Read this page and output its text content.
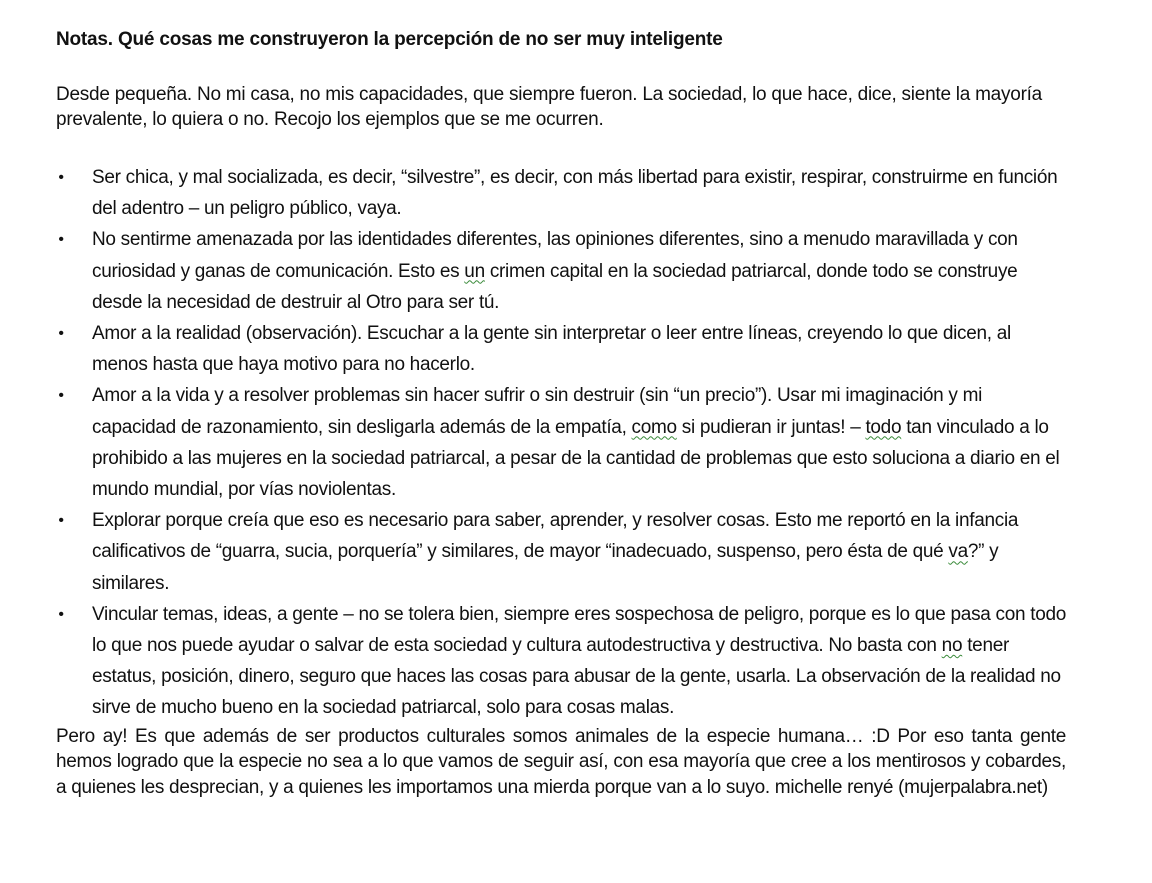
Notas. Qué cosas me construyeron la percepción de no ser muy inteligente

Desde pequeña. No mi casa, no mis capacidades, que siempre fueron. La sociedad, lo que hace, dice, siente la mayoría prevalente, lo quiera o no. Recojo los ejemplos que se me ocurren.

• Ser chica, y mal socializada, es decir, “silvestre”, es decir, con más libertad para existir, respirar, construirme en función del adentro – un peligro público, vaya.
• No sentirme amenazada por las identidades diferentes, las opiniones diferentes, sino a menudo maravillada y con curiosidad y ganas de comunicación. Esto es un crimen capital en la sociedad patriarcal, donde todo se construye desde la necesidad de destruir al Otro para ser tú.
• Amor a la realidad (observación). Escuchar a la gente sin interpretar o leer entre líneas, creyendo lo que dicen, al menos hasta que haya motivo para no hacerlo.
• Amor a la vida y a resolver problemas sin hacer sufrir o sin destruir (sin “un precio”). Usar mi imaginación y mi capacidad de razonamiento, sin desligarla además de la empatía, como si pudieran ir juntas! – todo tan vinculado a lo prohibido a las mujeres en la sociedad patriarcal, a pesar de la cantidad de problemas que esto soluciona a diario en el mundo mundial, por vías noviolentas.
• Explorar porque creía que eso es necesario para saber, aprender, y resolver cosas. Esto me reportó en la infancia calificativos de “guarra, sucia, porquería” y similares, de mayor “inadecuado, suspenso, pero ésta de qué va?” y similares.
• Vincular temas, ideas, a gente – no se tolera bien, siempre eres sospechosa de peligro, porque es lo que pasa con todo lo que nos puede ayudar o salvar de esta sociedad y cultura autodestructiva y destructiva. No basta con no tener estatus, posición, dinero, seguro que haces las cosas para abusar de la gente, usarla. La observación de la realidad no sirve de mucho bueno en la sociedad patriarcal, solo para cosas malas.

Pero ay! Es que además de ser productos culturales somos animales de la especie humana… :D Por eso tanta gente hemos logrado que la especie no sea a lo que vamos de seguir así, con esa mayoría que cree a los mentirosos y cobardes, a quienes les desprecian, y a quienes les importamos una mierda porque van a lo suyo. michelle renyé (mujerpalabra.net)
